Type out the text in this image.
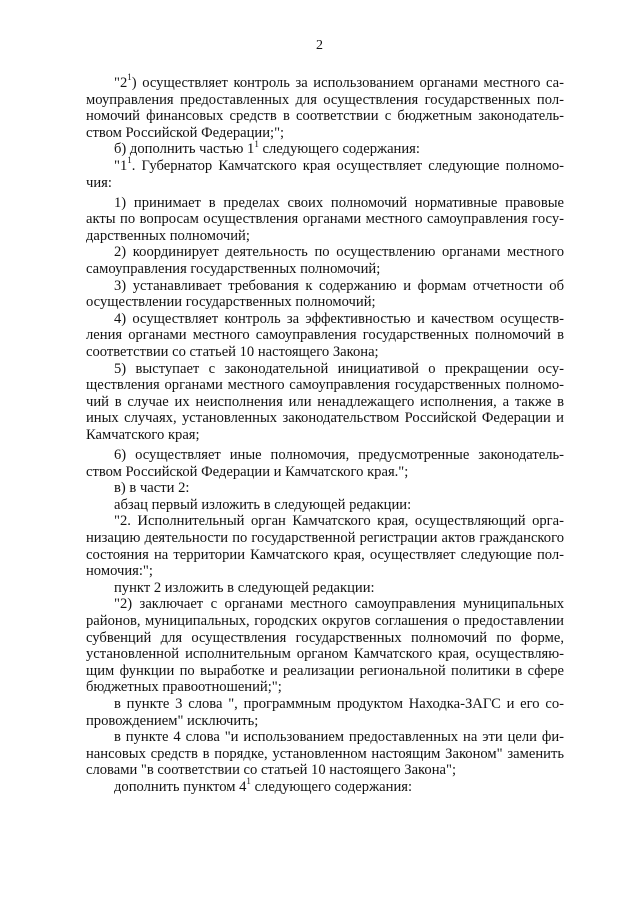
2
"$2^1$) осуществляет контроль за использованием органами местного са-
моуправления предоставленных для осуществления государственных пол-
номочий финансовых средств в соответствии с бюджетным законодатель-
ством Российской Федерации;";
б) дополнить частью $1^1$ следующего содержания:
"$1^1$. Губернатор Камчатского края осуществляет следующие полномо-
чия:
1) принимает в пределах своих полномочий нормативные правовые
акты по вопросам осуществления органами местного самоуправления госу-
дарственных полномочий;
2) координирует деятельность по осуществлению органами местного
самоуправления государственных полномочий;
3) устанавливает требования к содержанию и формам отчетности об
осуществлении государственных полномочий;
4) осуществляет контроль за эффективностью и качеством осуществ-
ления органами местного самоуправления государственных полномочий в
соответствии со статьей 10 настоящего Закона;
5) выступает с законодательной инициативой о прекращении осу-
ществления органами местного самоуправления государственных полномо-
чий в случае их неисполнения или ненадлежащего исполнения, а также в
иных случаях, установленных законодательством Российской Федерации и
Камчатского края;
6) осуществляет иные полномочия, предусмотренные законодатель-
ством Российской Федерации и Камчатского края.";
в) в части 2:
абзац первый изложить в следующей редакции:
"2. Исполнительный орган Камчатского края, осуществляющий орга-
низацию деятельности по государственной регистрации актов гражданского
состояния на территории Камчатского края, осуществляет следующие пол-
номочия:";
пункт 2 изложить в следующей редакции:
"2) заключает с органами местного самоуправления муниципальных
районов, муниципальных, городских округов соглашения о предоставлении
субвенций для осуществления государственных полномочий по форме,
установленной исполнительным органом Камчатского края, осуществляю-
щим функции по выработке и реализации региональной политики в сфере
бюджетных правоотношений;";
в пункте 3 слова ", программным продуктом Находка-ЗАГС и его со-
провождением" исключить;
в пункте 4 слова "и использованием предоставленных на эти цели фи-
нансовых средств в порядке, установленном настоящим Законом" заменить
словами "в соответствии со статьей 10 настоящего Закона";
дополнить пунктом $4^1$ следующего содержания:
